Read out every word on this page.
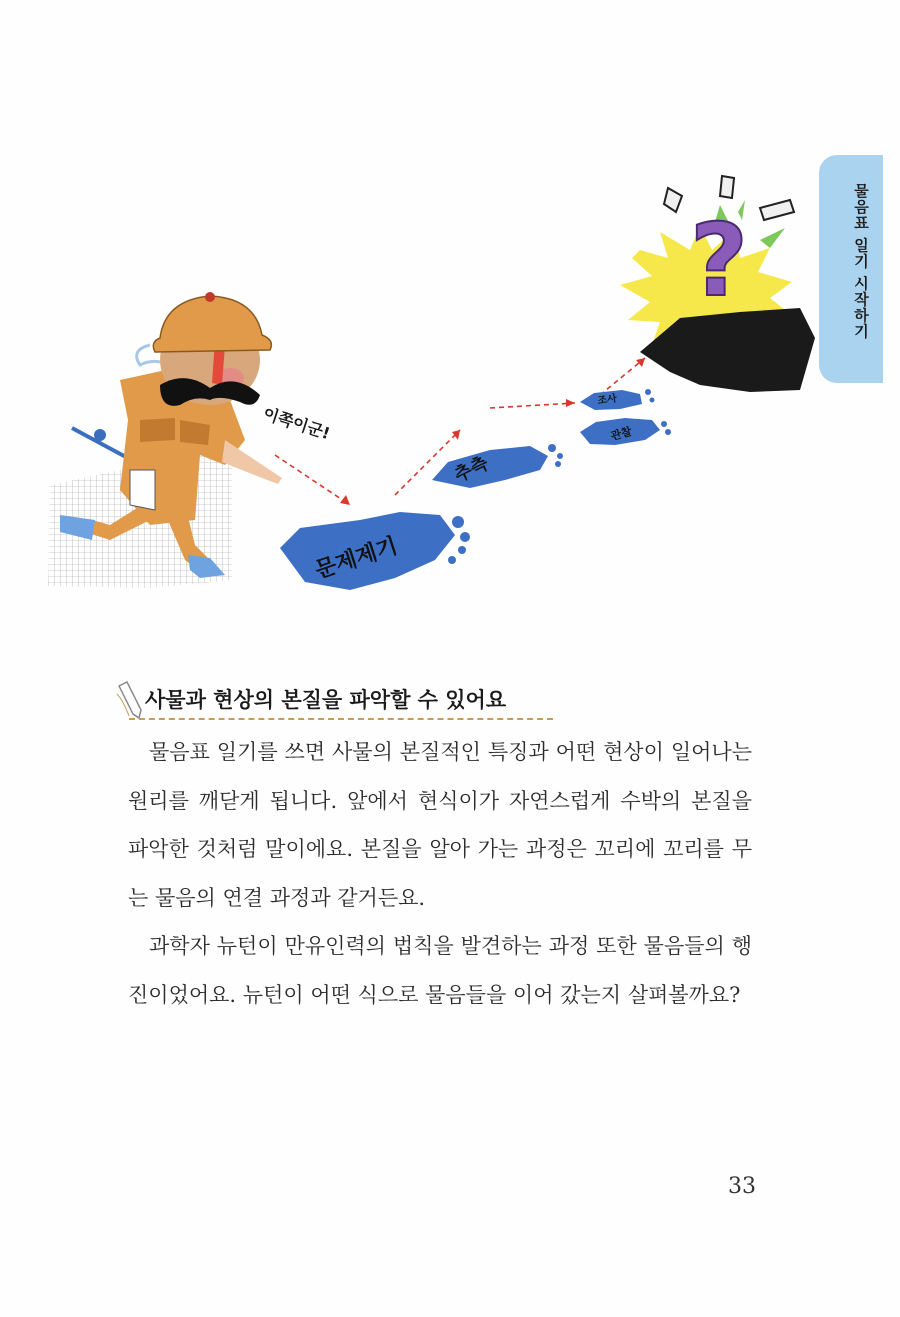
물음표 일기 시작하기
이쪽이군!
문제제기
추측
관찰
조사
?
사물과 현상의 본질을 파악할 수 있어요

물음표 일기를 쓰면 사물의 본질적인 특징과 어떤 현상이 일어나는 원리를 깨닫게 됩니다. 앞에서 현식이가 자연스럽게 수박의 본질을 파악한 것처럼 말이에요. 본질을 알아 가는 과정은 꼬리에 꼬리를 무는 물음의 연결 과정과 같거든요.

과학자 뉴턴이 만유인력의 법칙을 발견하는 과정 또한 물음들의 행진이었어요. 뉴턴이 어떤 식으로 물음들을 이어 갔는지 살펴볼까요?

33
